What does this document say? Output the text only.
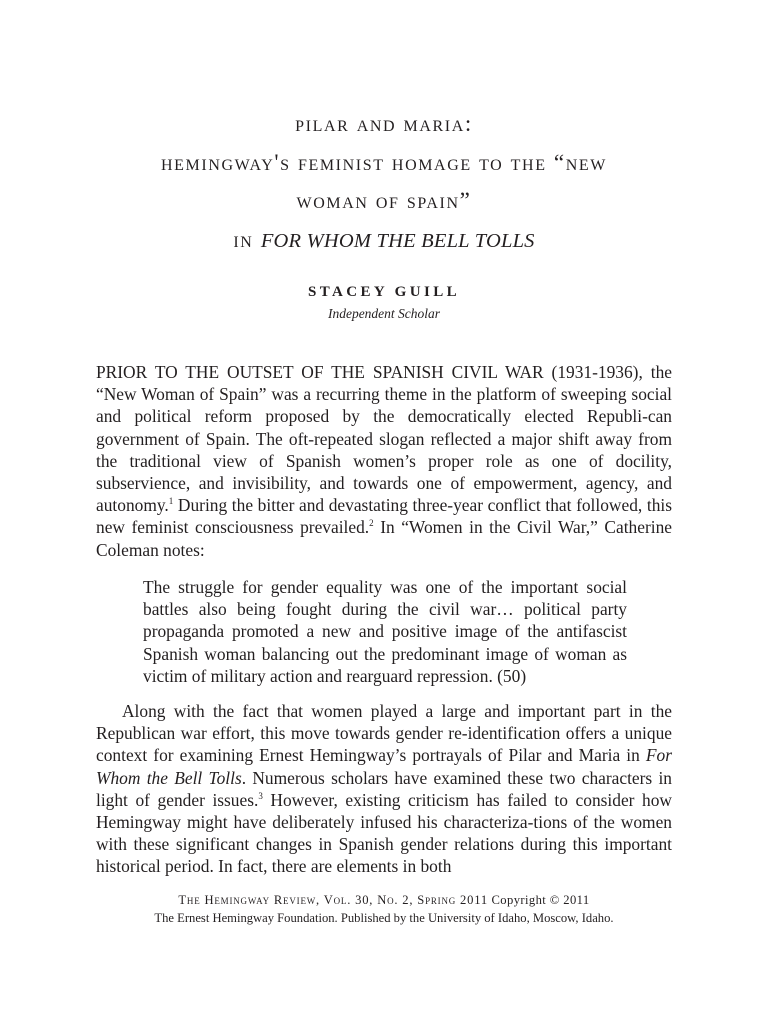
pilar and maria:
hemingway's feminist homage to the “new
woman of spain”
in FOR WHOM THE BELL TOLLS
STACEY GUILL
Independent Scholar
PRIOR TO THE OUTSET OF THE SPANISH CIVIL WAR (1931-1936), the “New Woman of Spain” was a recurring theme in the platform of sweeping social and political reform proposed by the democratically elected Republi-can government of Spain. The oft-repeated slogan reflected a major shift away from the traditional view of Spanish women’s proper role as one of docility, subservience, and invisibility, and towards one of empowerment, agency, and autonomy.$^1$ During the bitter and devastating three-year conflict that followed, this new feminist consciousness prevailed.$^2$ In “Women in the Civil War,” Catherine Coleman notes:
The struggle for gender equality was one of the important social battles also being fought during the civil war… political party propaganda promoted a new and positive image of the antifascist Spanish woman balancing out the predominant image of woman as victim of military action and rearguard repression. (50)
Along with the fact that women played a large and important part in the Republican war effort, this move towards gender re-identification offers a unique context for examining Ernest Hemingway’s portrayals of Pilar and Maria in For Whom the Bell Tolls. Numerous scholars have examined these two characters in light of gender issues.$^3$ However, existing criticism has failed to consider how Hemingway might have deliberately infused his characteriza-tions of the women with these significant changes in Spanish gender relations during this important historical period. In fact, there are elements in both
The Hemingway Review, Vol. 30, No. 2, Spring 2011 Copyright © 2011
The Ernest Hemingway Foundation. Published by the University of Idaho, Moscow, Idaho.
